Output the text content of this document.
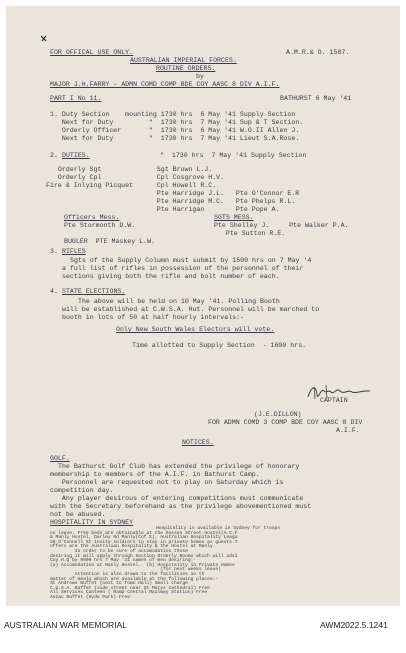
FOR OFFICAL USE ONLY.	A.M.R.& O. 1587.
AUSTRALIAN IMPERIAL FORCES.
ROUTINE ORDERS.
by
MAJOR J.H.FARRY - ADMN COMD COMP BDE COY AASC 8 DIV A.I.F.
PART I No 11.	BATHURST 6 May '41
1. Duty Section    mounting 1730 hrs  6 May '41 Supply Section
Next for Duty         "  1730 hrs  7 May '41 Sup & T Section.
Orderly Officer       "  1730 hrs  6 May '41 W.O.II Allen J.
Next for Duty         "  1730 hrs  7 May '41 Lieut S.A.Rose.
2. DUTIES.	"  1730 hrs  7 May '41 Supply Section
Orderly Sgt              Sgt Brown L.J.
Orderly Cpl              Cpl Cosgrove H.V.
Fire & Inlying Picquet      Cpl Howell R.C.
Pte Harridge J.L.   Pte O'Connor E.R
Pte Harridge M.C.   Pte Phelps R.L.
Pte Harrigan        Pte Pope A.
Officers Mess.	SGTS MESS.
Pte Stormonth D.W.	Pte Shelley J.     Pte Walker P.A.
Pte Sutton R.E.
BUGLER  PTE Maskey L.W.
3. RIFLES
Sgts of the Supply Column must submit by 1500 hrs on 7 May '4
a full list of rifles in possession of the personnel of their
sections giving both the rifle and bolt number of each.
4. STATE ELECTIONS.
The above will be held on 10 May '41. Polling Booth
will be established at C.W.S.A. Hut. Personnel will be marched to
booth in lots of 50 at half hourly intervals:-
Only New South Wales Electors will vote.
Time allotted to Supply Section  - 1600 hrs.
CAPTAIN
(J.E.DILLON)
FOR ADMN COMD 3 COMP BDE COY AASC 8 DIV
A.I.F.
NOTICES.
GOLF.
The Bathurst Golf Club has extended the privilege of honorary
membership to members of the A.I.F. in Bathurst Camp.
Personnel are requested not to play on Saturday which is
competition day.
Any player desirous of entering competitions must communicate
with the Secretary beforehand as the privilege abovementioned must
not be abused.
HOSPITALITY IN SYDNEY
Hospitality is available in Sydney for troops
on leave. Free beds are obtainable at the Sussex Street Hostel(A.C.F
& Manly Hostel, Darley Rd Manly(Cof E), Australian Hospitality Leagu
26 O'Connell St invite soldiers to stay in private homes as guests.T
offers are the Australian Hospitality & the Hostel at Manly.
In order to be sure of accomodation those
desiring it will apply through Section Orderly Rooms which will advi
Coy H.Q by 0900 hrs 7 May '41 names of men desiring:-
(a) Accomodation at Manly Hostel.  (b) Hospitality in Private Homes
(for next weeks leave)
Attention is also drawn to the facilities in th
matter of meals which are available at the following places:-
St Andrews Buffet (next to Town Hall) Small charge
C.U.S.A. Buffet (side street near St Marys Cathedral) Free
All Services Canteen ( Ramp Central Railway Station) Free
Anzac Buffet (Hyde Park) Free
AUSTRALIAN WAR MEMORIAL	AWM2022.5.1241
